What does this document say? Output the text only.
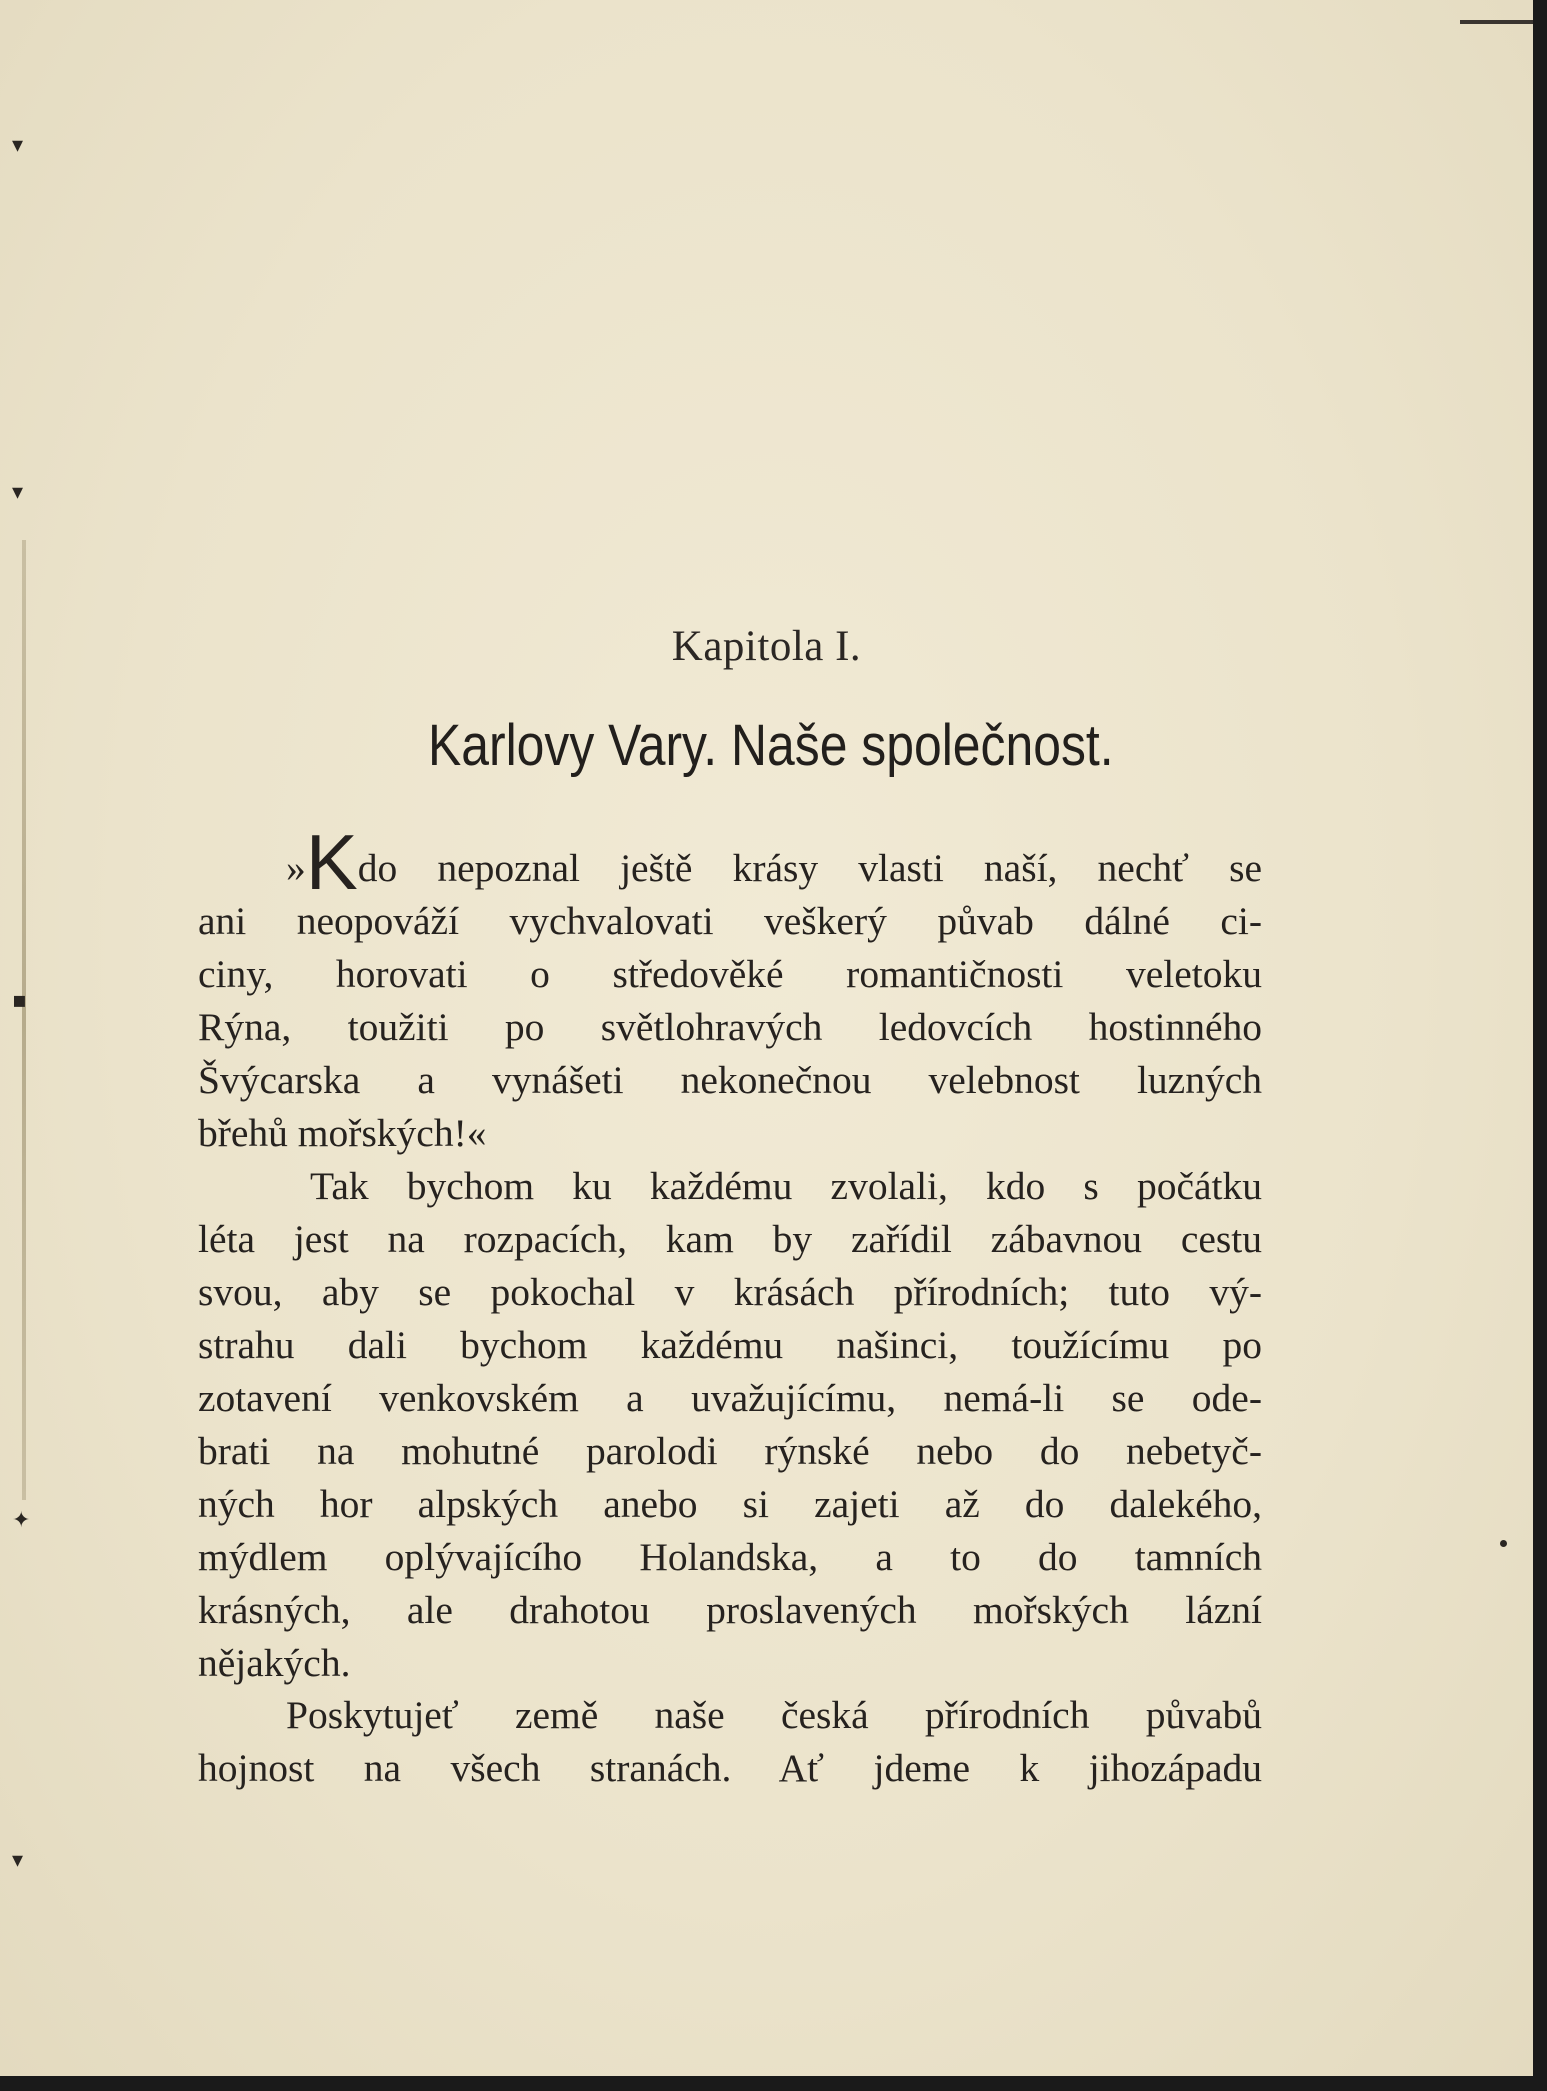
▾
▾
▪
✦
▾
Kapitola I.
Karlovy Vary. Naše společnost.
»Kdo nepoznal ještě krásy vlasti naší, nechť se
ani neopováží vychvalovati veškerý půvab dálné ci-
ciny, horovati o středověké romantičnosti veletoku
Rýna, toužiti po světlohravých ledovcích hostinného
Švýcarska a vynášeti nekonečnou velebnost luzných
břehů mořských!«
Tak bychom ku každému zvolali, kdo s počátku
léta jest na rozpacích, kam by zařídil zábavnou cestu
svou, aby se pokochal v krásách přírodních; tuto vý-
strahu dali bychom každému našinci, toužícímu po
zotavení venkovském a uvažujícímu, nemá-li se ode-
brati na mohutné parolodi rýnské nebo do nebetyč-
ných hor alpských anebo si zajeti až do dalekého,
mýdlem oplývajícího Holandska, a to do tamních
krásných, ale drahotou proslavených mořských lázní
nějakých.
Poskytujeť země naše česká přírodních půvabů
hojnost na všech stranách. Ať jdeme k jihozápadu
